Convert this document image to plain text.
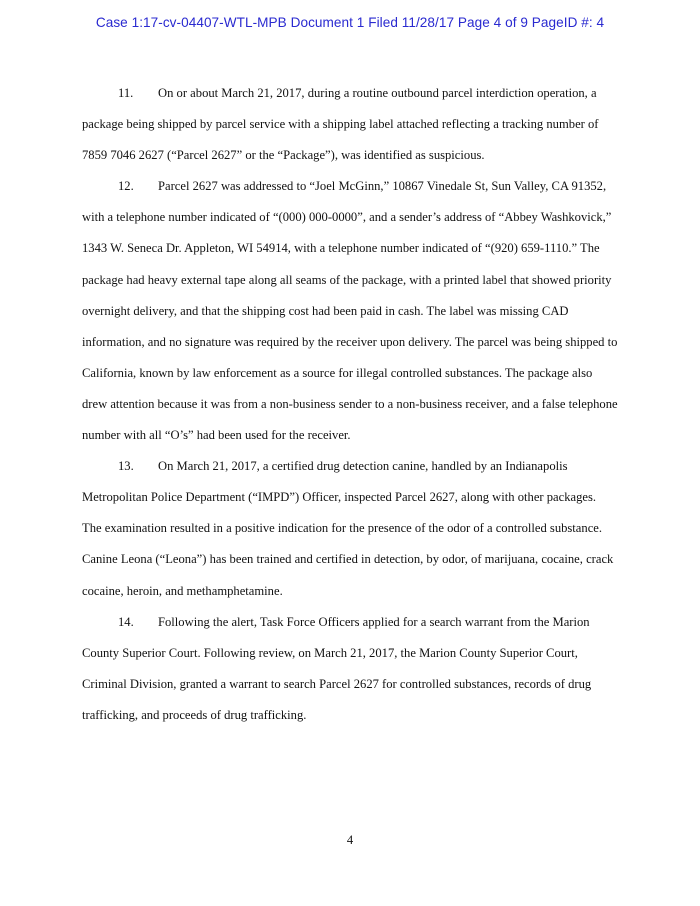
Case 1:17-cv-04407-WTL-MPB Document 1 Filed 11/28/17 Page 4 of 9 PageID #: 4

11. On or about March 21, 2017, during a routine outbound parcel interdiction operation, a package being shipped by parcel service with a shipping label attached reflecting a tracking number of 7859 7046 2627 (“Parcel 2627” or the “Package”), was identified as suspicious.

12. Parcel 2627 was addressed to “Joel McGinn,” 10867 Vinedale St, Sun Valley, CA 91352, with a telephone number indicated of “(000) 000-0000”, and a sender’s address of “Abbey Washkovick,” 1343 W. Seneca Dr. Appleton, WI 54914, with a telephone number indicated of “(920) 659-1110.” The package had heavy external tape along all seams of the package, with a printed label that showed priority overnight delivery, and that the shipping cost had been paid in cash. The label was missing CAD information, and no signature was required by the receiver upon delivery. The parcel was being shipped to California, known by law enforcement as a source for illegal controlled substances. The package also drew attention because it was from a non-business sender to a non-business receiver, and a false telephone number with all “O’s” had been used for the receiver.

13. On March 21, 2017, a certified drug detection canine, handled by an Indianapolis Metropolitan Police Department (“IMPD”) Officer, inspected Parcel 2627, along with other packages. The examination resulted in a positive indication for the presence of the odor of a controlled substance. Canine Leona (“Leona”) has been trained and certified in detection, by odor, of marijuana, cocaine, crack cocaine, heroin, and methamphetamine.

14. Following the alert, Task Force Officers applied for a search warrant from the Marion County Superior Court. Following review, on March 21, 2017, the Marion County Superior Court, Criminal Division, granted a warrant to search Parcel 2627 for controlled substances, records of drug trafficking, and proceeds of drug trafficking.

4
